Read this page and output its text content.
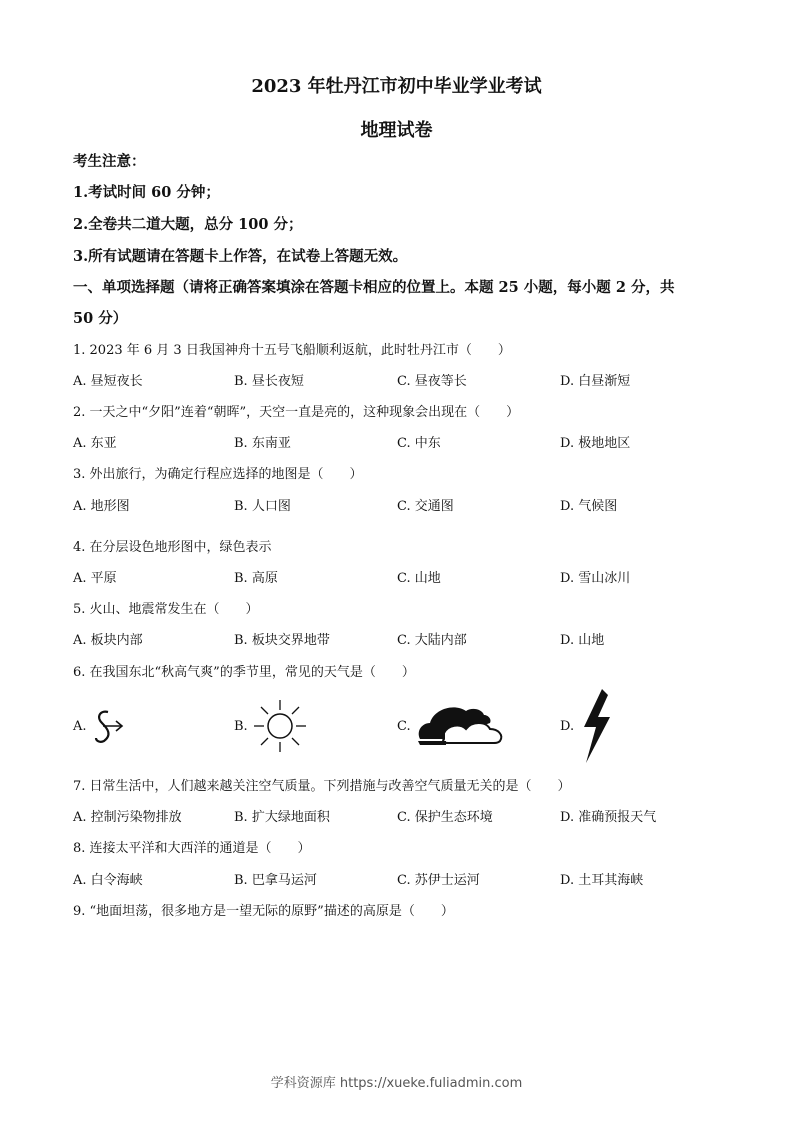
2023 年牡丹江市初中毕业学业考试
地理试卷
考生注意：
1.考试时间 60 分钟；
2.全卷共二道大题，总分 100 分；
3.所有试题请在答题卡上作答，在试卷上答题无效。
一、单项选择题（请将正确答案填涂在答题卡相应的位置上。本题 25 小题，每小题 2 分，共
50 分）
1. 2023 年 6 月 3 日我国神舟十五号飞船顺利返航，此时牡丹江市（　　）
A. 昼短夜长	B. 昼长夜短	C. 昼夜等长	D. 白昼渐短
2. 一天之中“夕阳”连着“朝晖”，天空一直是亮的，这种现象会出现在（　　）
A. 东亚	B. 东南亚	C. 中东	D. 极地地区
3. 外出旅行，为确定行程应选择的地图是（　　）
A. 地形图	B. 人口图	C. 交通图	D. 气候图
4. 在分层设色地形图中，绿色表示
A. 平原	B. 高原	C. 山地	D. 雪山冰川
5. 火山、地震常发生在（　　）
A. 板块内部	B. 板块交界地带	C. 大陆内部	D. 山地
6. 在我国东北“秋高气爽”的季节里，常见的天气是（　　）
A.	B.	C.	D.
7. 日常生活中，人们越来越关注空气质量。下列措施与改善空气质量无关的是（　　）
A. 控制污染物排放	B. 扩大绿地面积	C. 保护生态环境	D. 准确预报天气
8. 连接太平洋和大西洋的通道是（　　）
A. 白令海峡	B. 巴拿马运河	C. 苏伊士运河	D. 土耳其海峡
9. “地面坦荡，很多地方是一望无际的原野”描述的高原是（　　）
学科资源库 https://xueke.fuliadmin.com
